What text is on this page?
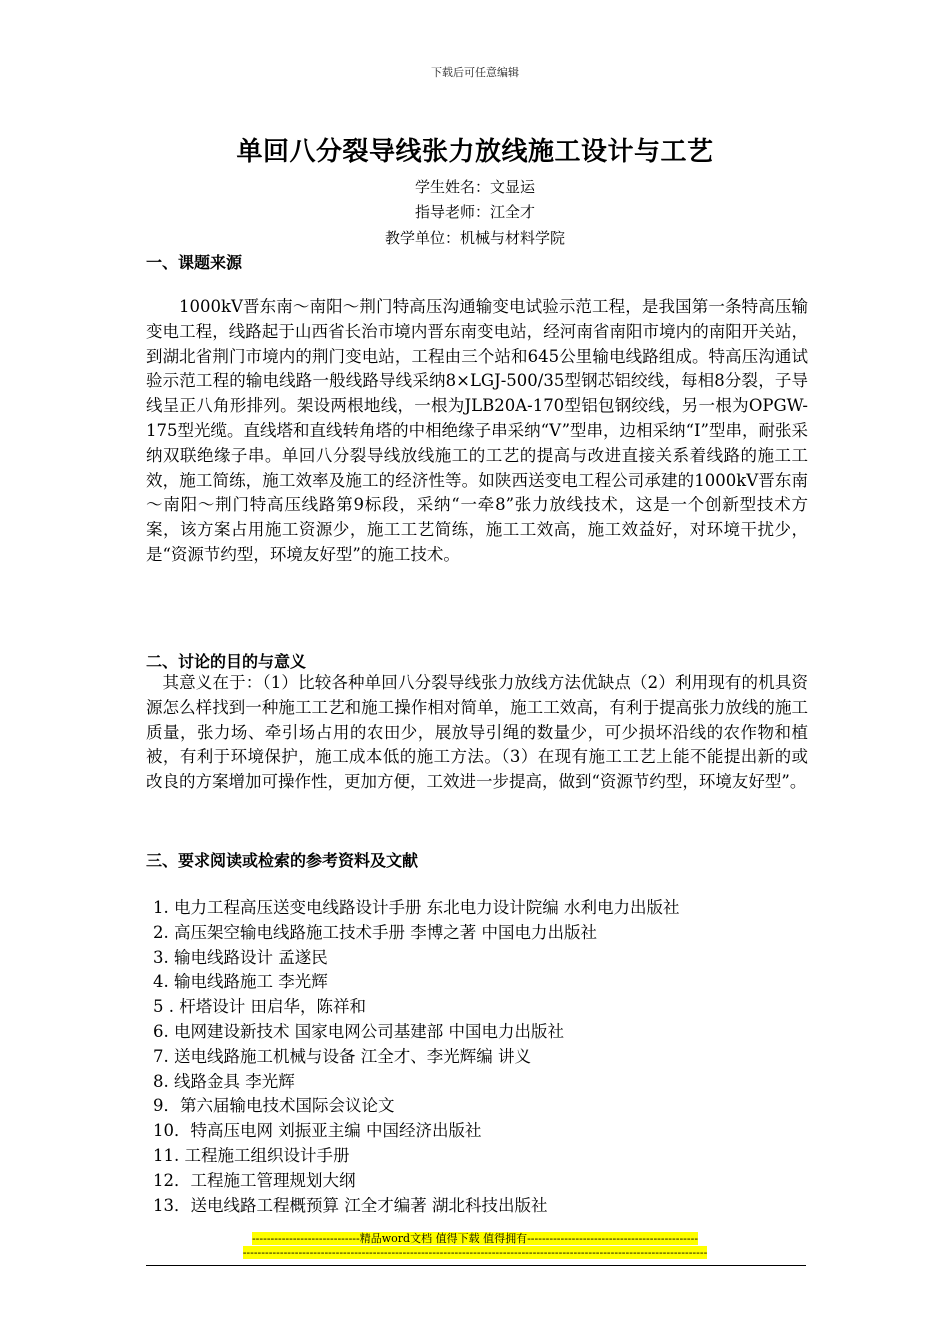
下载后可任意编辑
单回八分裂导线张力放线施工设计与工艺
学生姓名：文显运
指导老师：江全才
教学单位：机械与材料学院
一、课题来源

1000kV晋东南～南阳～荆门特高压沟通输变电试验示范工程，是我国第一条特高压输变电工程，线路起于山西省长治市境内晋东南变电站，经河南省南阳市境内的南阳开关站，到湖北省荆门市境内的荆门变电站，工程由三个站和645公里输电线路组成。特高压沟通试验示范工程的输电线路一般线路导线采纳8×LGJ-500/35型钢芯铝绞线，每相8分裂，子导线呈正八角形排列。架设两根地线，一根为JLB20A-170型铝包钢绞线，另一根为OPGW-175型光缆。直线塔和直线转角塔的中相绝缘子串采纳“V”型串，边相采纳“I”型串，耐张采纳双联绝缘子串。单回八分裂导线放线施工的工艺的提高与改进直接关系着线路的施工工效，施工简练，施工效率及施工的经济性等。如陕西送变电工程公司承建的1000kV晋东南～南阳～荆门特高压线路第9标段，采纳“一牵8”张力放线技术，这是一个创新型技术方案，该方案占用施工资源少，施工工艺简练，施工工效高，施工效益好，对环境干扰少，是“资源节约型，环境友好型”的施工技术。

二、讨论的目的与意义

其意义在于：（1）比较各种单回八分裂导线张力放线方法优缺点（2）利用现有的机具资源怎么样找到一种施工工艺和施工操作相对简单，施工工效高，有利于提高张力放线的施工质量，张力场、牵引场占用的农田少，展放导引绳的数量少，可少损坏沿线的农作物和植被，有利于环境保护，施工成本低的施工方法。（3）在现有施工工艺上能不能提出新的或改良的方案增加可操作性，更加方便，工效进一步提高，做到“资源节约型，环境友好型”。

三、要求阅读或检索的参考资料及文献
1. 电力工程高压送变电线路设计手册 东北电力设计院编 水利电力出版社
2. 高压架空输电线路施工技术手册 李博之著 中国电力出版社
3. 输电线路设计 孟遂民
4. 输电线路施工 李光辉
5 . 杆塔设计 田启华，陈祥和
6. 电网建设新技术 国家电网公司基建部 中国电力出版社
7. 送电线路施工机械与设备 江全才、李光辉编 讲义
8. 线路金具 李光辉
9．第六届输电技术国际会议论文
10．特高压电网 刘振亚主编 中国经济出版社
11. 工程施工组织设计手册
12．工程施工管理规划大纲
13．送电线路工程概预算 江全才编著 湖北科技出版社
-----------------------------精品word文档 值得下载 值得拥有----------------------------------------------
-----------------------------------------------------------------------------------------------------------------------------
